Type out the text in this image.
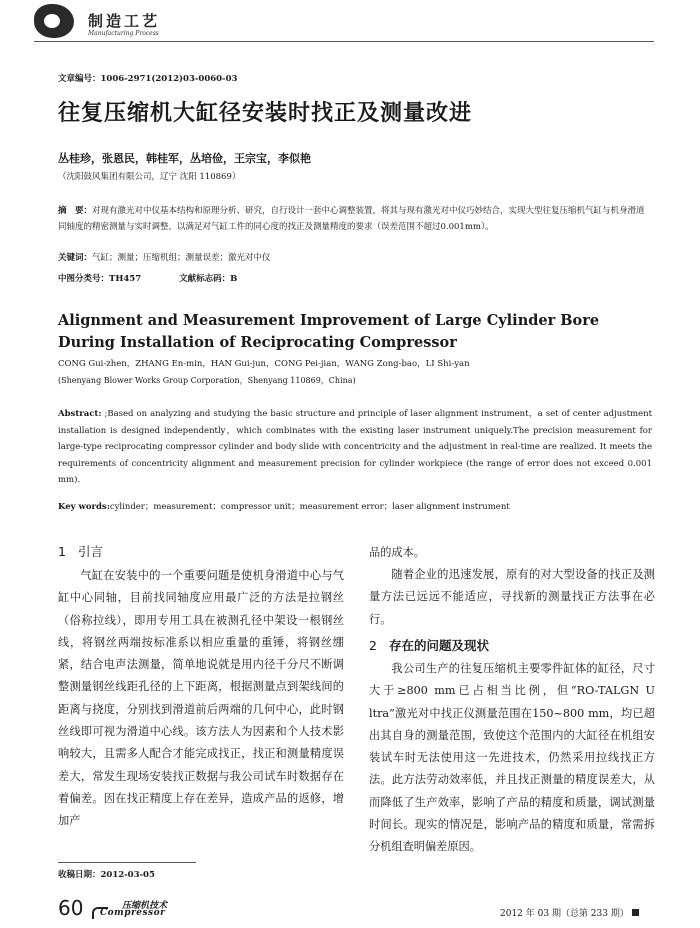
制造工艺
Manufacturing Process
文章编号：1006-2971(2012)03-0060-03
往复压缩机大缸径安装时找正及测量改进
丛桂珍，张恩民，韩桂军，丛培俭，王宗宝，李似艳
（沈阳鼓风集团有限公司，辽宁 沈阳 110869）
摘　要：对现有激光对中仪基本结构和原理分析、研究，自行设计一套中心调整装置，将其与现有激光对中仪巧妙结合，实现大型往复压缩机气缸与机身滑道同轴度的精密测量与实时调整，以满足对气缸工件的同心度的找正及测量精度的要求（误差范围不超过0.001mm）。
关键词：气缸；测量；压缩机组；测量误差；激光对中仪
中图分类号：TH457	文献标志码：B
Alignment and Measurement Improvement of Large Cylinder Bore During Installation of Reciprocating Compressor
CONG Gui-zhen，ZHANG En-min，HAN Gui-jun，CONG Pei-jian，WANG Zong-bao，LI Shi-yan
(Shenyang Blower Works Group Corporation，Shenyang 110869，China)
Abstract: ;Based on analyzing and studying the basic structure and principle of laser alignment instrument，a set of center adjustment installation is designed independently，which combinates with the existing laser instrument uniquely.The precision measurement for large-type reciprocating compressor cylinder and body slide with concentricity and the adjustment in real-time are realized. It meets the requirements of concentricity alignment and measurement precision for cylinder workpiece (the range of error does not exceed 0.001 mm).
Key words:cylinder；measurement；compressor unit；measurement error；laser alignment instrument
1 引言
气缸在安装中的一个重要问题是使机身滑道中心与气缸中心同轴，目前找同轴度应用最广泛的方法是拉钢丝（俗称拉线），即用专用工具在被测孔径中架设一根钢丝线，将钢丝两端按标准系以相应重量的重锤，将钢丝绷紧，结合电声法测量，简单地说就是用内径千分尺不断调整测量钢丝线距孔径的上下距离，根据测量点到架线间的距离与挠度，分别找到滑道前后两端的几何中心，此时钢丝线即可视为滑道中心线。该方法人为因素和个人技术影响较大，且需多人配合才能完成找正，找正和测量精度误差大，常发生现场安装找正数据与我公司试车时数据存在着偏差。因在找正精度上存在差异，造成产品的返修，增加产
品的成本。
随着企业的迅速发展，原有的对大型设备的找正及测量方法已远远不能适应，寻找新的测量找正方法事在必行。
2 存在的问题及现状
我公司生产的往复压缩机主要零件缸体的缸径，尺寸大于≥800 mm已占相当比例，但“RO-TALGN U ltra”激光对中找正仪测量范围在150~800 mm，均已超出其自身的测量范围，致使这个范围内的大缸径在机组安装试车时无法使用这一先进技术，仍然采用拉线找正方法。此方法劳动效率低，并且找正测量的精度误差大，从而降低了生产效率，影响了产品的精度和质量，调试测量时间长。现实的情况是，影响产品的精度和质量，常需拆分机组查明偏差原因。
收稿日期：2012-03-05
60	压缩机技术
Compressor	2012 年 03 期（总第 233 期）
